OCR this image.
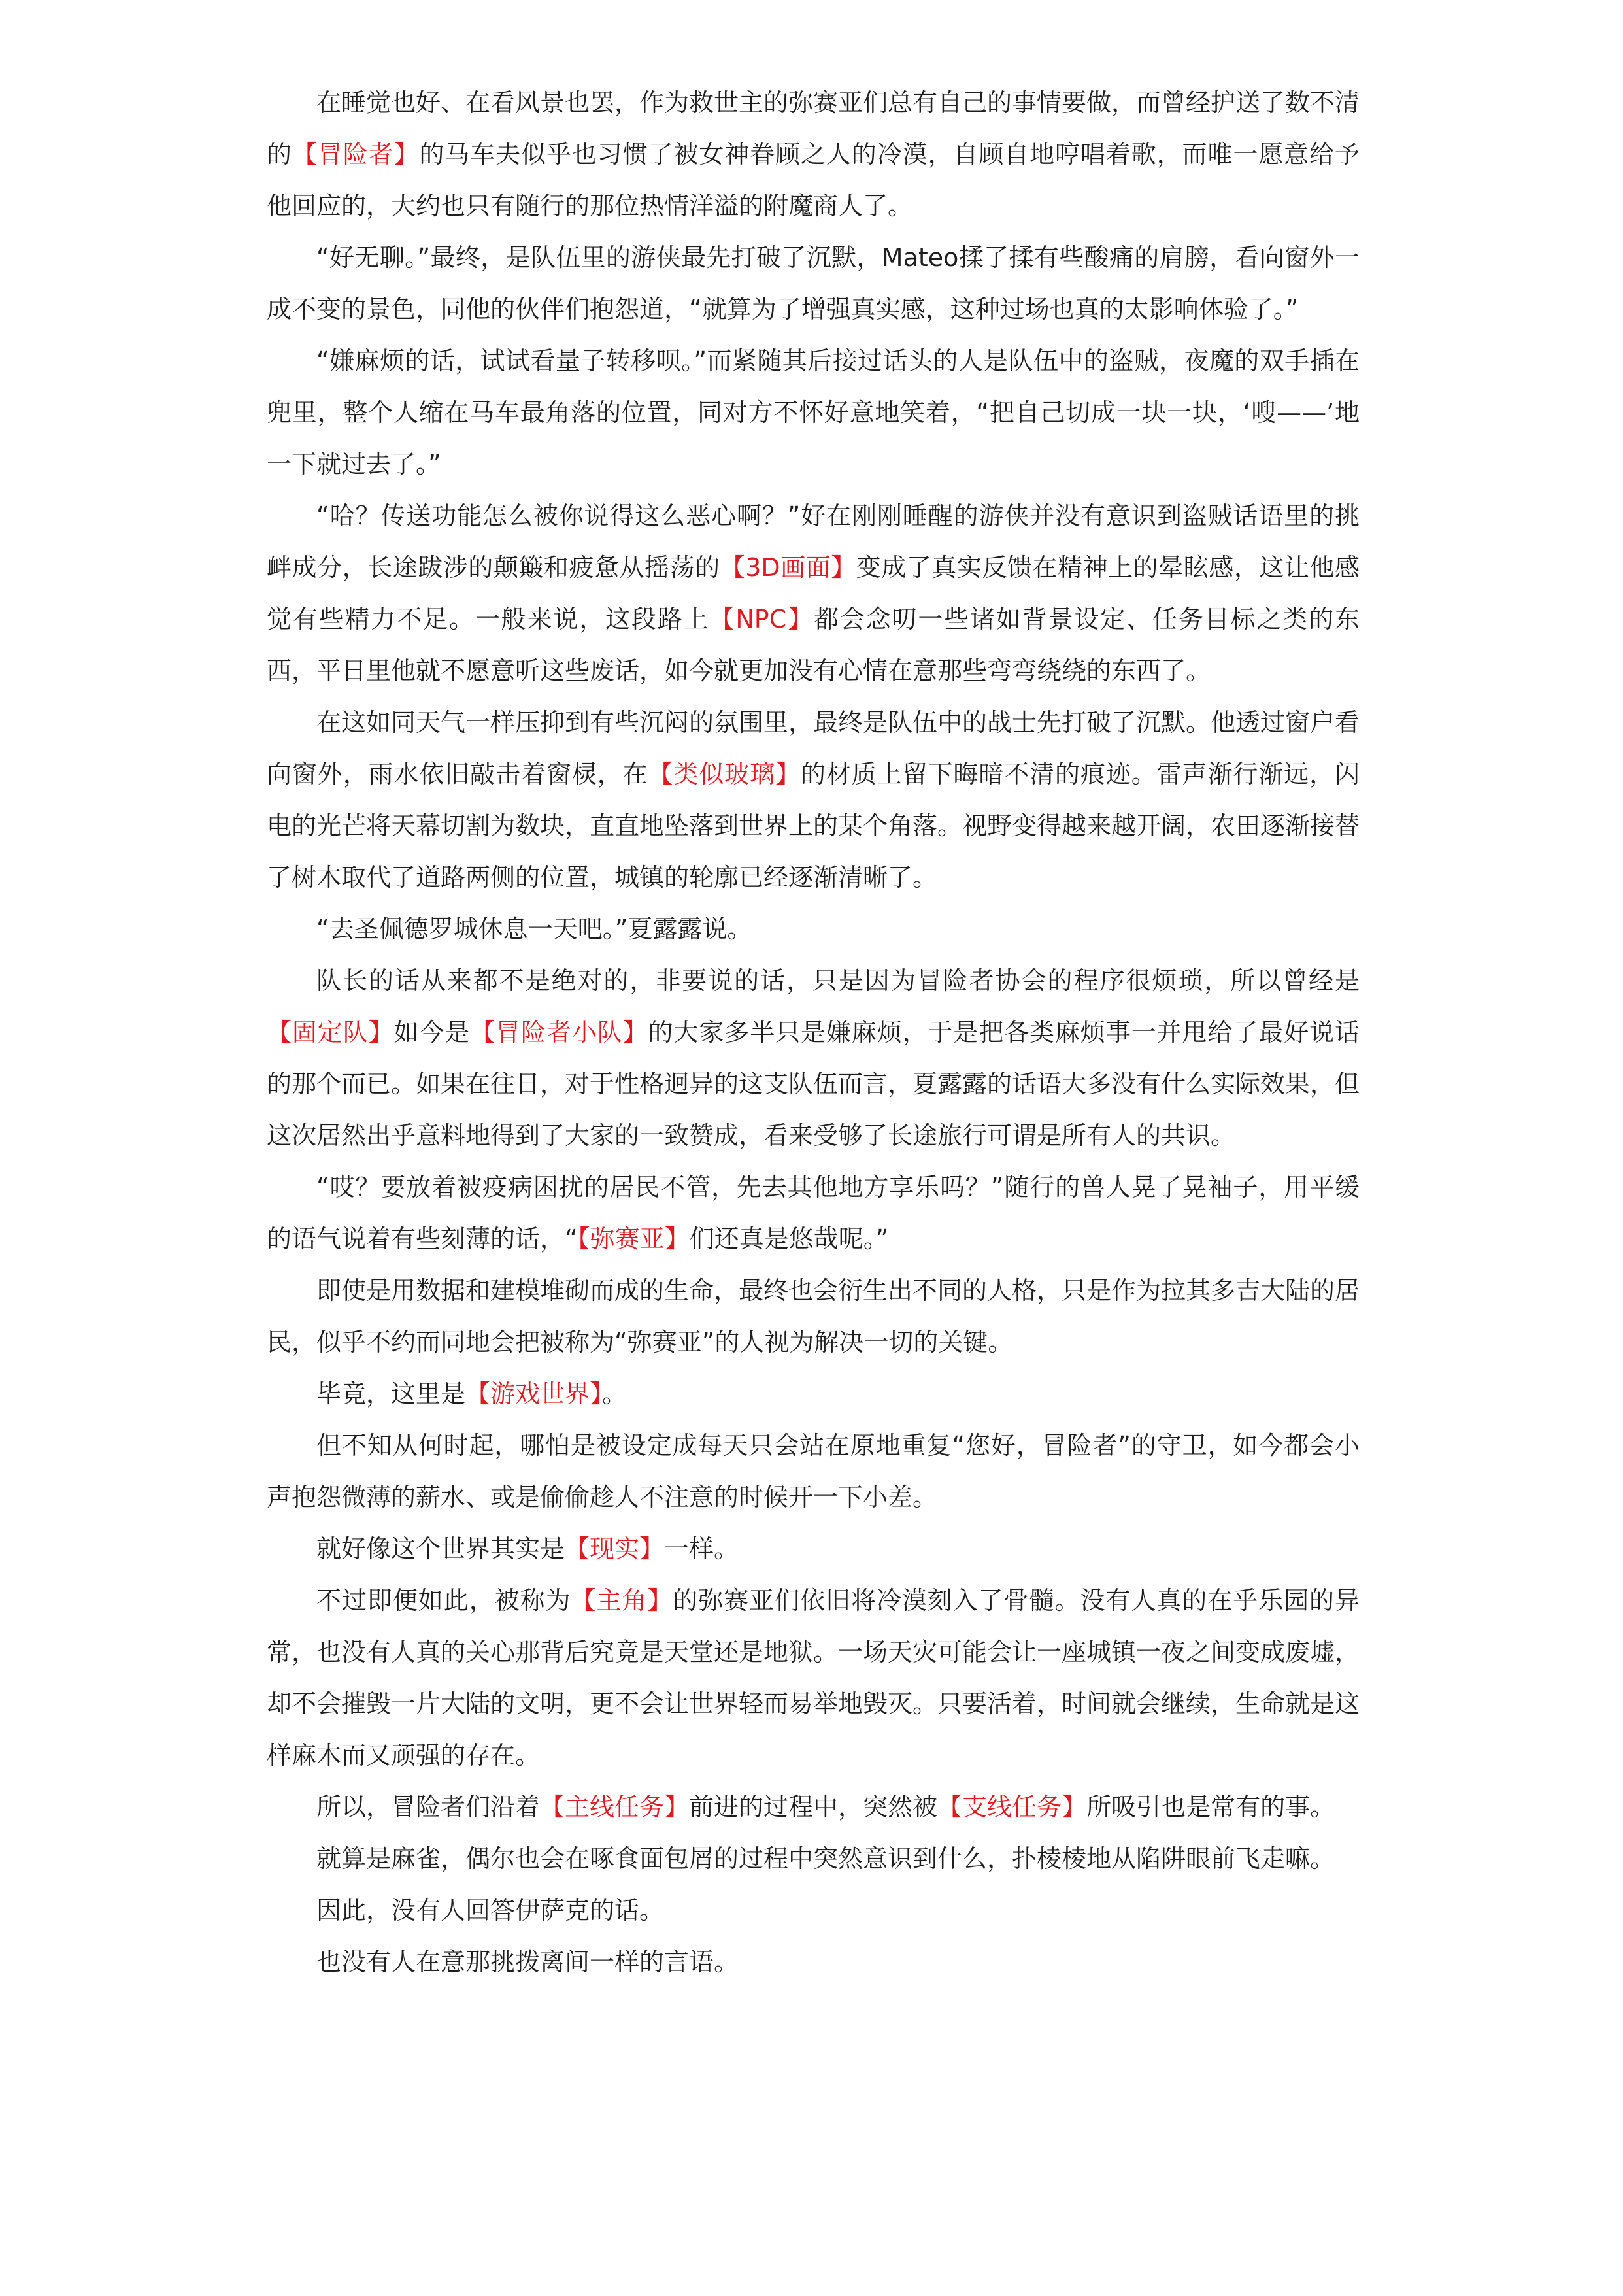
在睡觉也好、在看风景也罢，作为救世主的弥赛亚们总有自己的事情要做，而曾经护送了数不清的【冒险者】的马车夫似乎也习惯了被女神眷顾之人的冷漠，自顾自地哼唱着歌，而唯一愿意给予他回应的，大约也只有随行的那位热情洋溢的附魔商人了。

“好无聊。”最终，是队伍里的游侠最先打破了沉默，Mateo揉了揉有些酸痛的肩膀，看向窗外一成不变的景色，同他的伙伴们抱怨道，“就算为了增强真实感，这种过场也真的太影响体验了。”

“嫌麻烦的话，试试看量子转移呗。”而紧随其后接过话头的人是队伍中的盗贼，夜魔的双手插在兜里，整个人缩在马车最角落的位置，同对方不怀好意地笑着，“把自己切成一块一块，‘嗖——’地一下就过去了。”

“哈？传送功能怎么被你说得这么恶心啊？”好在刚刚睡醒的游侠并没有意识到盗贼话语里的挑衅成分，长途跋涉的颠簸和疲惫从摇荡的【3D画面】变成了真实反馈在精神上的晕眩感，这让他感觉有些精力不足。一般来说，这段路上【NPC】都会念叨一些诸如背景设定、任务目标之类的东西，平日里他就不愿意听这些废话，如今就更加没有心情在意那些弯弯绕绕的东西了。

在这如同天气一样压抑到有些沉闷的氛围里，最终是队伍中的战士先打破了沉默。他透过窗户看向窗外，雨水依旧敲击着窗棂，在【类似玻璃】的材质上留下晦暗不清的痕迹。雷声渐行渐远，闪电的光芒将天幕切割为数块，直直地坠落到世界上的某个角落。视野变得越来越开阔，农田逐渐接替了树木取代了道路两侧的位置，城镇的轮廓已经逐渐清晰了。

“去圣佩德罗城休息一天吧。”夏露露说。

队长的话从来都不是绝对的，非要说的话，只是因为冒险者协会的程序很烦琐，所以曾经是【固定队】如今是【冒险者小队】的大家多半只是嫌麻烦，于是把各类麻烦事一并甩给了最好说话的那个而已。如果在往日，对于性格迥异的这支队伍而言，夏露露的话语大多没有什么实际效果，但这次居然出乎意料地得到了大家的一致赞成，看来受够了长途旅行可谓是所有人的共识。

“哎？要放着被疫病困扰的居民不管，先去其他地方享乐吗？”随行的兽人晃了晃袖子，用平缓的语气说着有些刻薄的话，“【弥赛亚】们还真是悠哉呢。”

即使是用数据和建模堆砌而成的生命，最终也会衍生出不同的人格，只是作为拉其多吉大陆的居民，似乎不约而同地会把被称为“弥赛亚”的人视为解决一切的关键。

毕竟，这里是【游戏世界】。

但不知从何时起，哪怕是被设定成每天只会站在原地重复“您好，冒险者”的守卫，如今都会小声抱怨微薄的薪水、或是偷偷趁人不注意的时候开一下小差。

就好像这个世界其实是【现实】一样。

不过即便如此，被称为【主角】的弥赛亚们依旧将冷漠刻入了骨髓。没有人真的在乎乐园的异常，也没有人真的关心那背后究竟是天堂还是地狱。一场天灾可能会让一座城镇一夜之间变成废墟，却不会摧毁一片大陆的文明，更不会让世界轻而易举地毁灭。只要活着，时间就会继续，生命就是这样麻木而又顽强的存在。

所以，冒险者们沿着【主线任务】前进的过程中，突然被【支线任务】所吸引也是常有的事。

就算是麻雀，偶尔也会在啄食面包屑的过程中突然意识到什么，扑棱棱地从陷阱眼前飞走嘛。

因此，没有人回答伊萨克的话。

也没有人在意那挑拨离间一样的言语。
